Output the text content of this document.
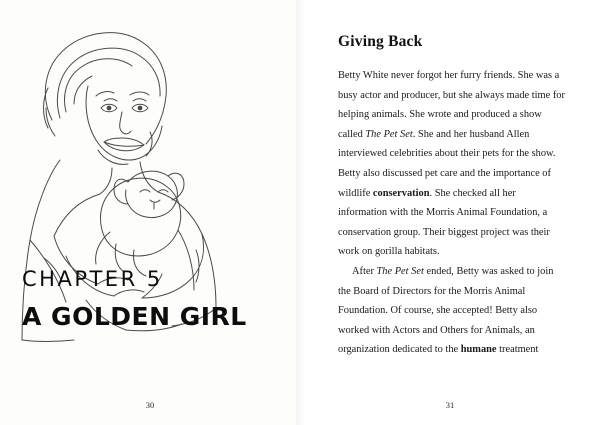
CHAPTER 5
A GOLDEN GIRL
30
Giving Back

Betty White never forgot her furry friends. She was a busy actor and producer, but she always made time for helping animals. She wrote and produced a show called The Pet Set. She and her husband Allen interviewed celebrities about their pets for the show. Betty also discussed pet care and the importance of wildlife conservation. She checked all her information with the Morris Animal Foundation, a conservation group. Their biggest project was their work on gorilla habitats.

After The Pet Set ended, Betty was asked to join the Board of Directors for the Morris Animal Foundation. Of course, she accepted! Betty also worked with Actors and Others for Animals, an organization dedicated to the humane treatment

31
